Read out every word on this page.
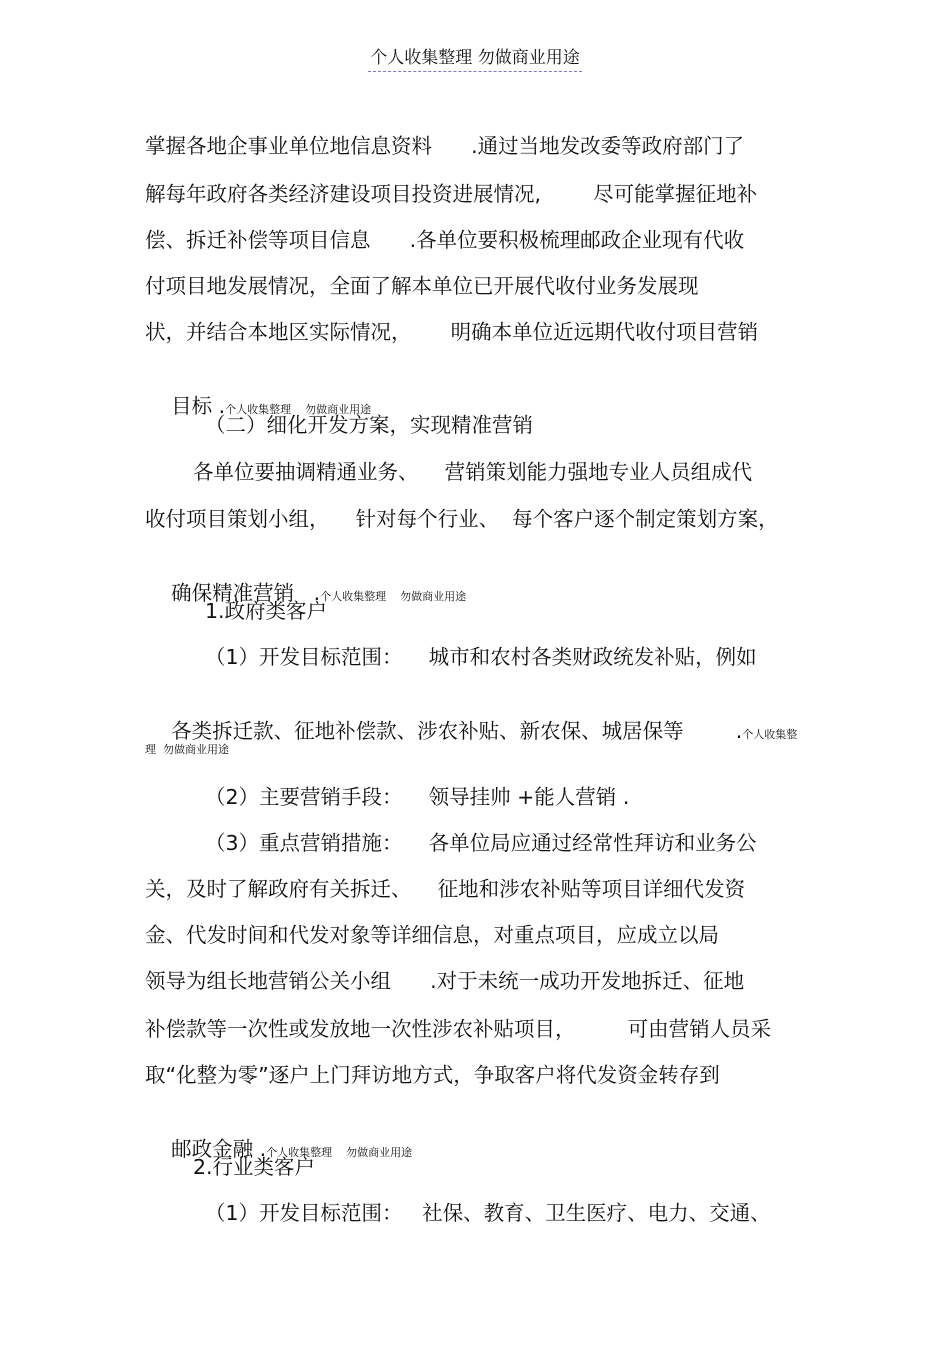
个人收集整理 勿做商业用途
掌握各地企事业单位地信息资料      .通过当地发改委等政府部门了
解每年政府各类经济建设项目投资进展情况,        尽可能掌握征地补
偿、拆迁补偿等项目信息      .各单位要积极梳理邮政企业现有代收
付项目地发展情况，全面了解本单位已开展代收付业务发展现
状，并结合本地区实际情况，      明确本单位近远期代收付项目营销

目标 .个人收集整理    勿做商业用途

（二）细化开发方案，实现精准营销
各单位要抽调精通业务、    营销策划能力强地专业人员组成代
收付项目策划小组，    针对每个行业、  每个客户逐个制定策划方案，

确保精准营销   .个人收集整理    勿做商业用途

1.政府类客户
（1）开发目标范围：    城市和农村各类财政统发补贴，例如

各类拆迁款、征地补偿款、涉农补贴、新农保、城居保等        .个人收集整

理  勿做商业用途
（2）主要营销手段：    领导挂帅 +能人营销 .
（3）重点营销措施：    各单位局应通过经常性拜访和业务公
关，及时了解政府有关拆迁、    征地和涉农补贴等项目详细代发资
金、代发时间和代发对象等详细信息，对重点项目，应成立以局
领导为组长地营销公关小组      .对于未统一成功开发地拆迁、征地
补偿款等一次性或发放地一次性涉农补贴项目，        可由营销人员采
取“化整为零”逐户上门拜访地方式，争取客户将代发资金转存到

邮政金融 .个人收集整理    勿做商业用途

2.行业类客户
（1）开发目标范围：   社保、教育、卫生医疗、电力、交通、
